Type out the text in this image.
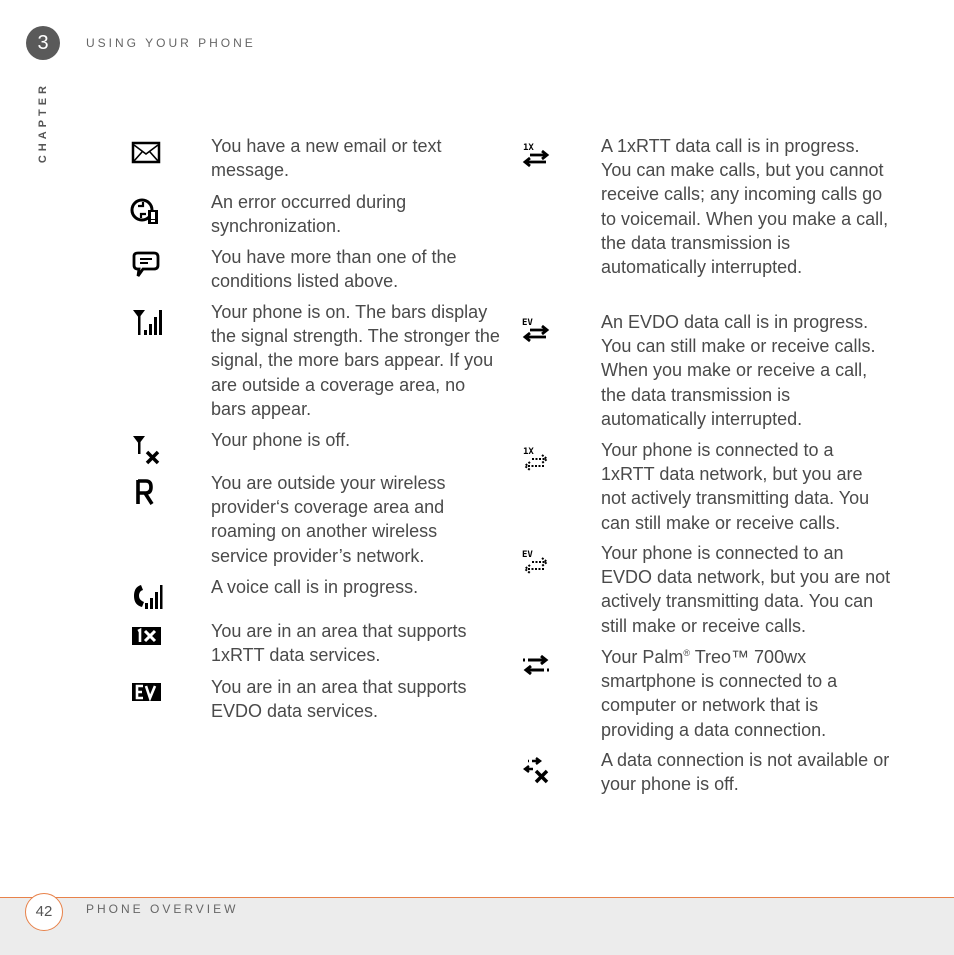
3	USING YOUR PHONE
CHAPTER	You have a new email or text message.
An error occurred during synchronization.
You have more than one of the conditions listed above.
Your phone is on. The bars display the signal strength. The stronger the signal, the more bars appear. If you are outside a coverage area, no bars appear.
Your phone is off.
You are outside your wireless provider‘s coverage area and roaming on another wireless service provider’s network.
A voice call is in progress.
You are in an area that supports 1xRTT data services.
You are in an area that supports EVDO data services.
1X	A 1xRTT data call is in progress. You can make calls, but you cannot receive calls; any incoming calls go to voicemail. When you make a call, the data transmission is automatically interrupted.
EV	An EVDO data call is in progress. You can still make or receive calls. When you make or receive a call, the data transmission is automatically interrupted.
1X	Your phone is connected to a 1xRTT data network, but you are not actively transmitting data. You can still make or receive calls.
EV	Your phone is connected to an EVDO data network, but you are not actively transmitting data. You can still make or receive calls.
Your Palm® Treo™ 700wx smartphone is connected to a computer or network that is providing a data connection.
A data connection is not available or your phone is off.
42	PHONE OVERVIEW
